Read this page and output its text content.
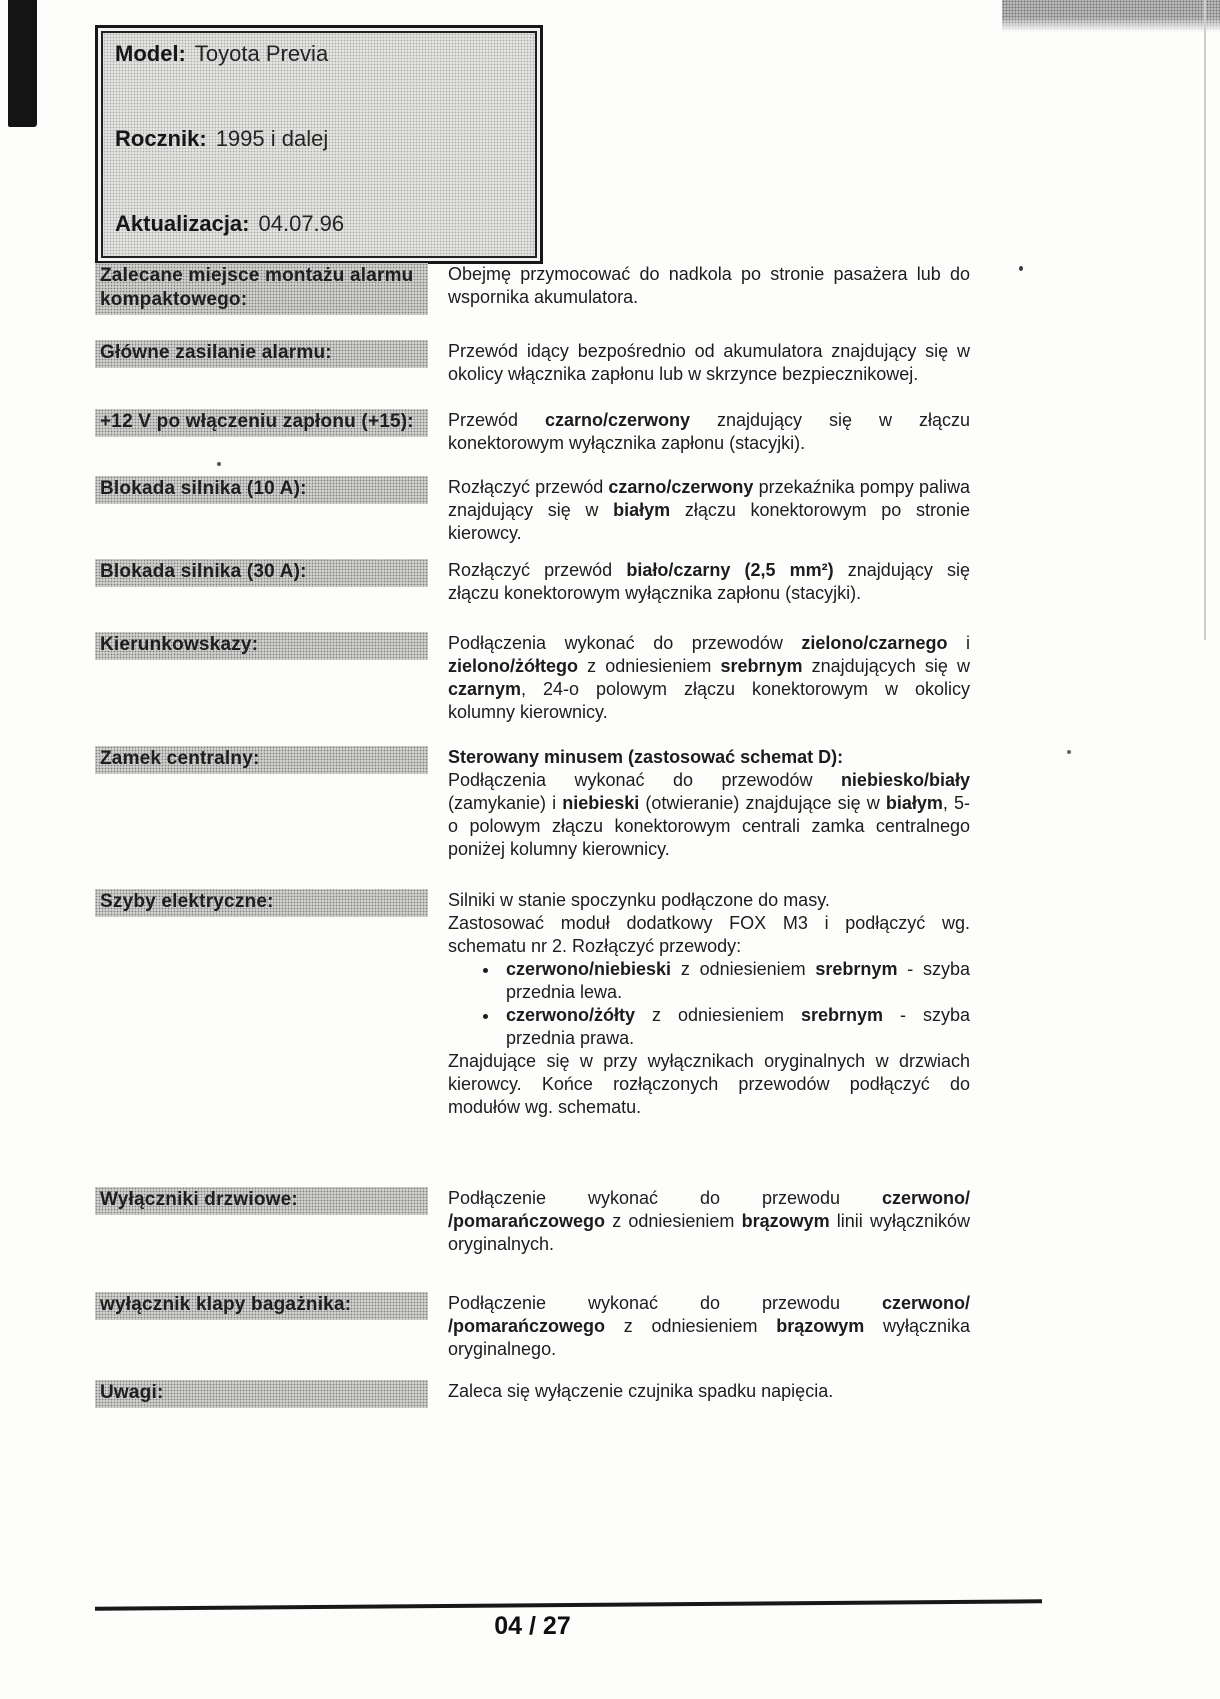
Model: Toyota Previa
Rocznik: 1995 i dalej
Aktualizacja: 04.07.96
Zalecane miejsce montażu alarmu kompaktowego:
Obejmę przymocować do nadkola po stronie pasażera lub do wspornika akumulatora.
Główne zasilanie alarmu:	Przewód idący bezpośrednio od akumulatora znajdujący się w okolicy włącznika zapłonu lub w skrzynce bezpiecznikowej.
+12 V po włączeniu zapłonu (+15):	Przewód czarno/czerwony znajdujący się w złączu konektorowym wyłącznika zapłonu (stacyjki).
Blokada silnika (10 A):	Rozłączyć przewód czarno/czerwony przekaźnika pompy paliwa znajdujący się w białym złączu konektorowym po stronie kierowcy.
Blokada silnika (30 A):	Rozłączyć przewód biało/czarny (2,5 mm²) znajdujący się złączu konektorowym wyłącznika zapłonu (stacyjki).
Kierunkowskazy:	Podłączenia wykonać do przewodów zielono/czarnego i zielono/żółtego z odniesieniem srebrnym znajdujących się w czarnym, 24-o polowym złączu konektorowym w okolicy kolumny kierownicy.
Zamek centralny:	Sterowany minusem (zastosować schemat D):
Podłączenia wykonać do przewodów niebiesko/biały (zamykanie) i niebieski (otwieranie) znajdujące się w białym, 5-o polowym złączu konektorowym centrali zamka centralnego poniżej kolumny kierownicy.
Szyby elektryczne:	Silniki w stanie spoczynku podłączone do masy.
Zastosować moduł dodatkowy FOX M3 i podłączyć wg. schematu nr 2. Rozłączyć przewody:
• czerwono/niebieski z odniesieniem srebrnym - szyba przednia lewa.
• czerwono/żółty z odniesieniem srebrnym - szyba przednia prawa.
Znajdujące się w przy wyłącznikach oryginalnych w drzwiach kierowcy. Końce rozłączonych przewodów podłączyć do modułów wg. schematu.
Wyłączniki drzwiowe:	Podłączenie wykonać do przewodu czerwono/ /pomarańczowego z odniesieniem brązowym linii wyłączników oryginalnych.
wyłącznik klapy bagażnika:	Podłączenie wykonać do przewodu czerwono/ /pomarańczowego z odniesieniem brązowym wyłącznika oryginalnego.
Uwagi:	Zaleca się wyłączenie czujnika spadku napięcia.
04 / 27
